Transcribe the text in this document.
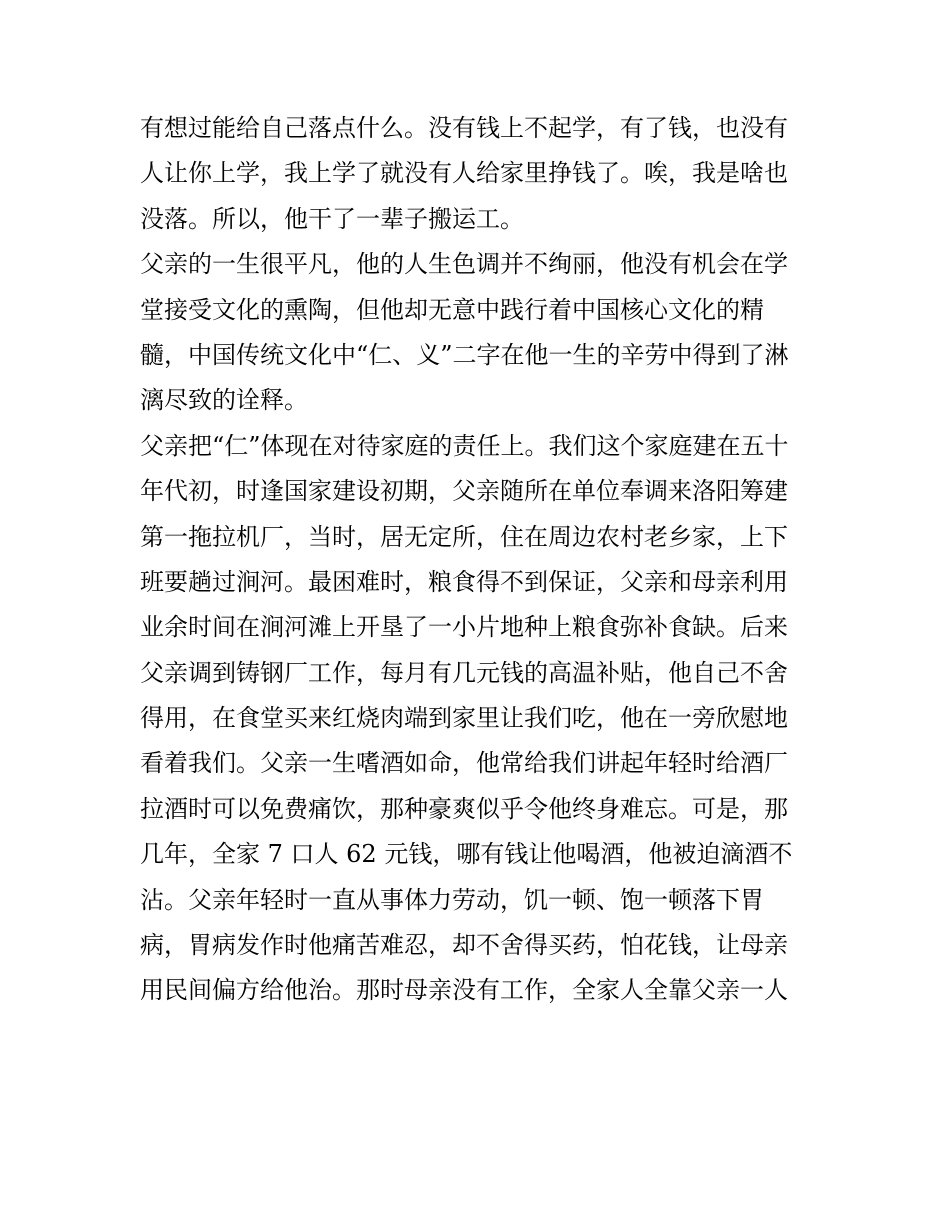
有想过能给自己落点什么。没有钱上不起学，有了钱，也没有
人让你上学，我上学了就没有人给家里挣钱了。唉，我是啥也
没落。所以，他干了一辈子搬运工。
父亲的一生很平凡，他的人生色调并不绚丽，他没有机会在学
堂接受文化的熏陶，但他却无意中践行着中国核心文化的精
髓，中国传统文化中“仁、义”二字在他一生的辛劳中得到了淋
漓尽致的诠释。
父亲把“仁”体现在对待家庭的责任上。我们这个家庭建在五十
年代初，时逢国家建设初期，父亲随所在单位奉调来洛阳筹建
第一拖拉机厂，当时，居无定所，住在周边农村老乡家，上下
班要趟过涧河。最困难时，粮食得不到保证，父亲和母亲利用
业余时间在涧河滩上开垦了一小片地种上粮食弥补食缺。后来
父亲调到铸钢厂工作，每月有几元钱的高温补贴，他自己不舍
得用，在食堂买来红烧肉端到家里让我们吃，他在一旁欣慰地
看着我们。父亲一生嗜酒如命，他常给我们讲起年轻时给酒厂
拉酒时可以免费痛饮，那种豪爽似乎令他终身难忘。可是，那
几年，全家 7 口人 62 元钱，哪有钱让他喝酒，他被迫滴酒不
沾。父亲年轻时一直从事体力劳动，饥一顿、饱一顿落下胃
病，胃病发作时他痛苦难忍，却不舍得买药，怕花钱，让母亲
用民间偏方给他治。那时母亲没有工作，全家人全靠父亲一人
